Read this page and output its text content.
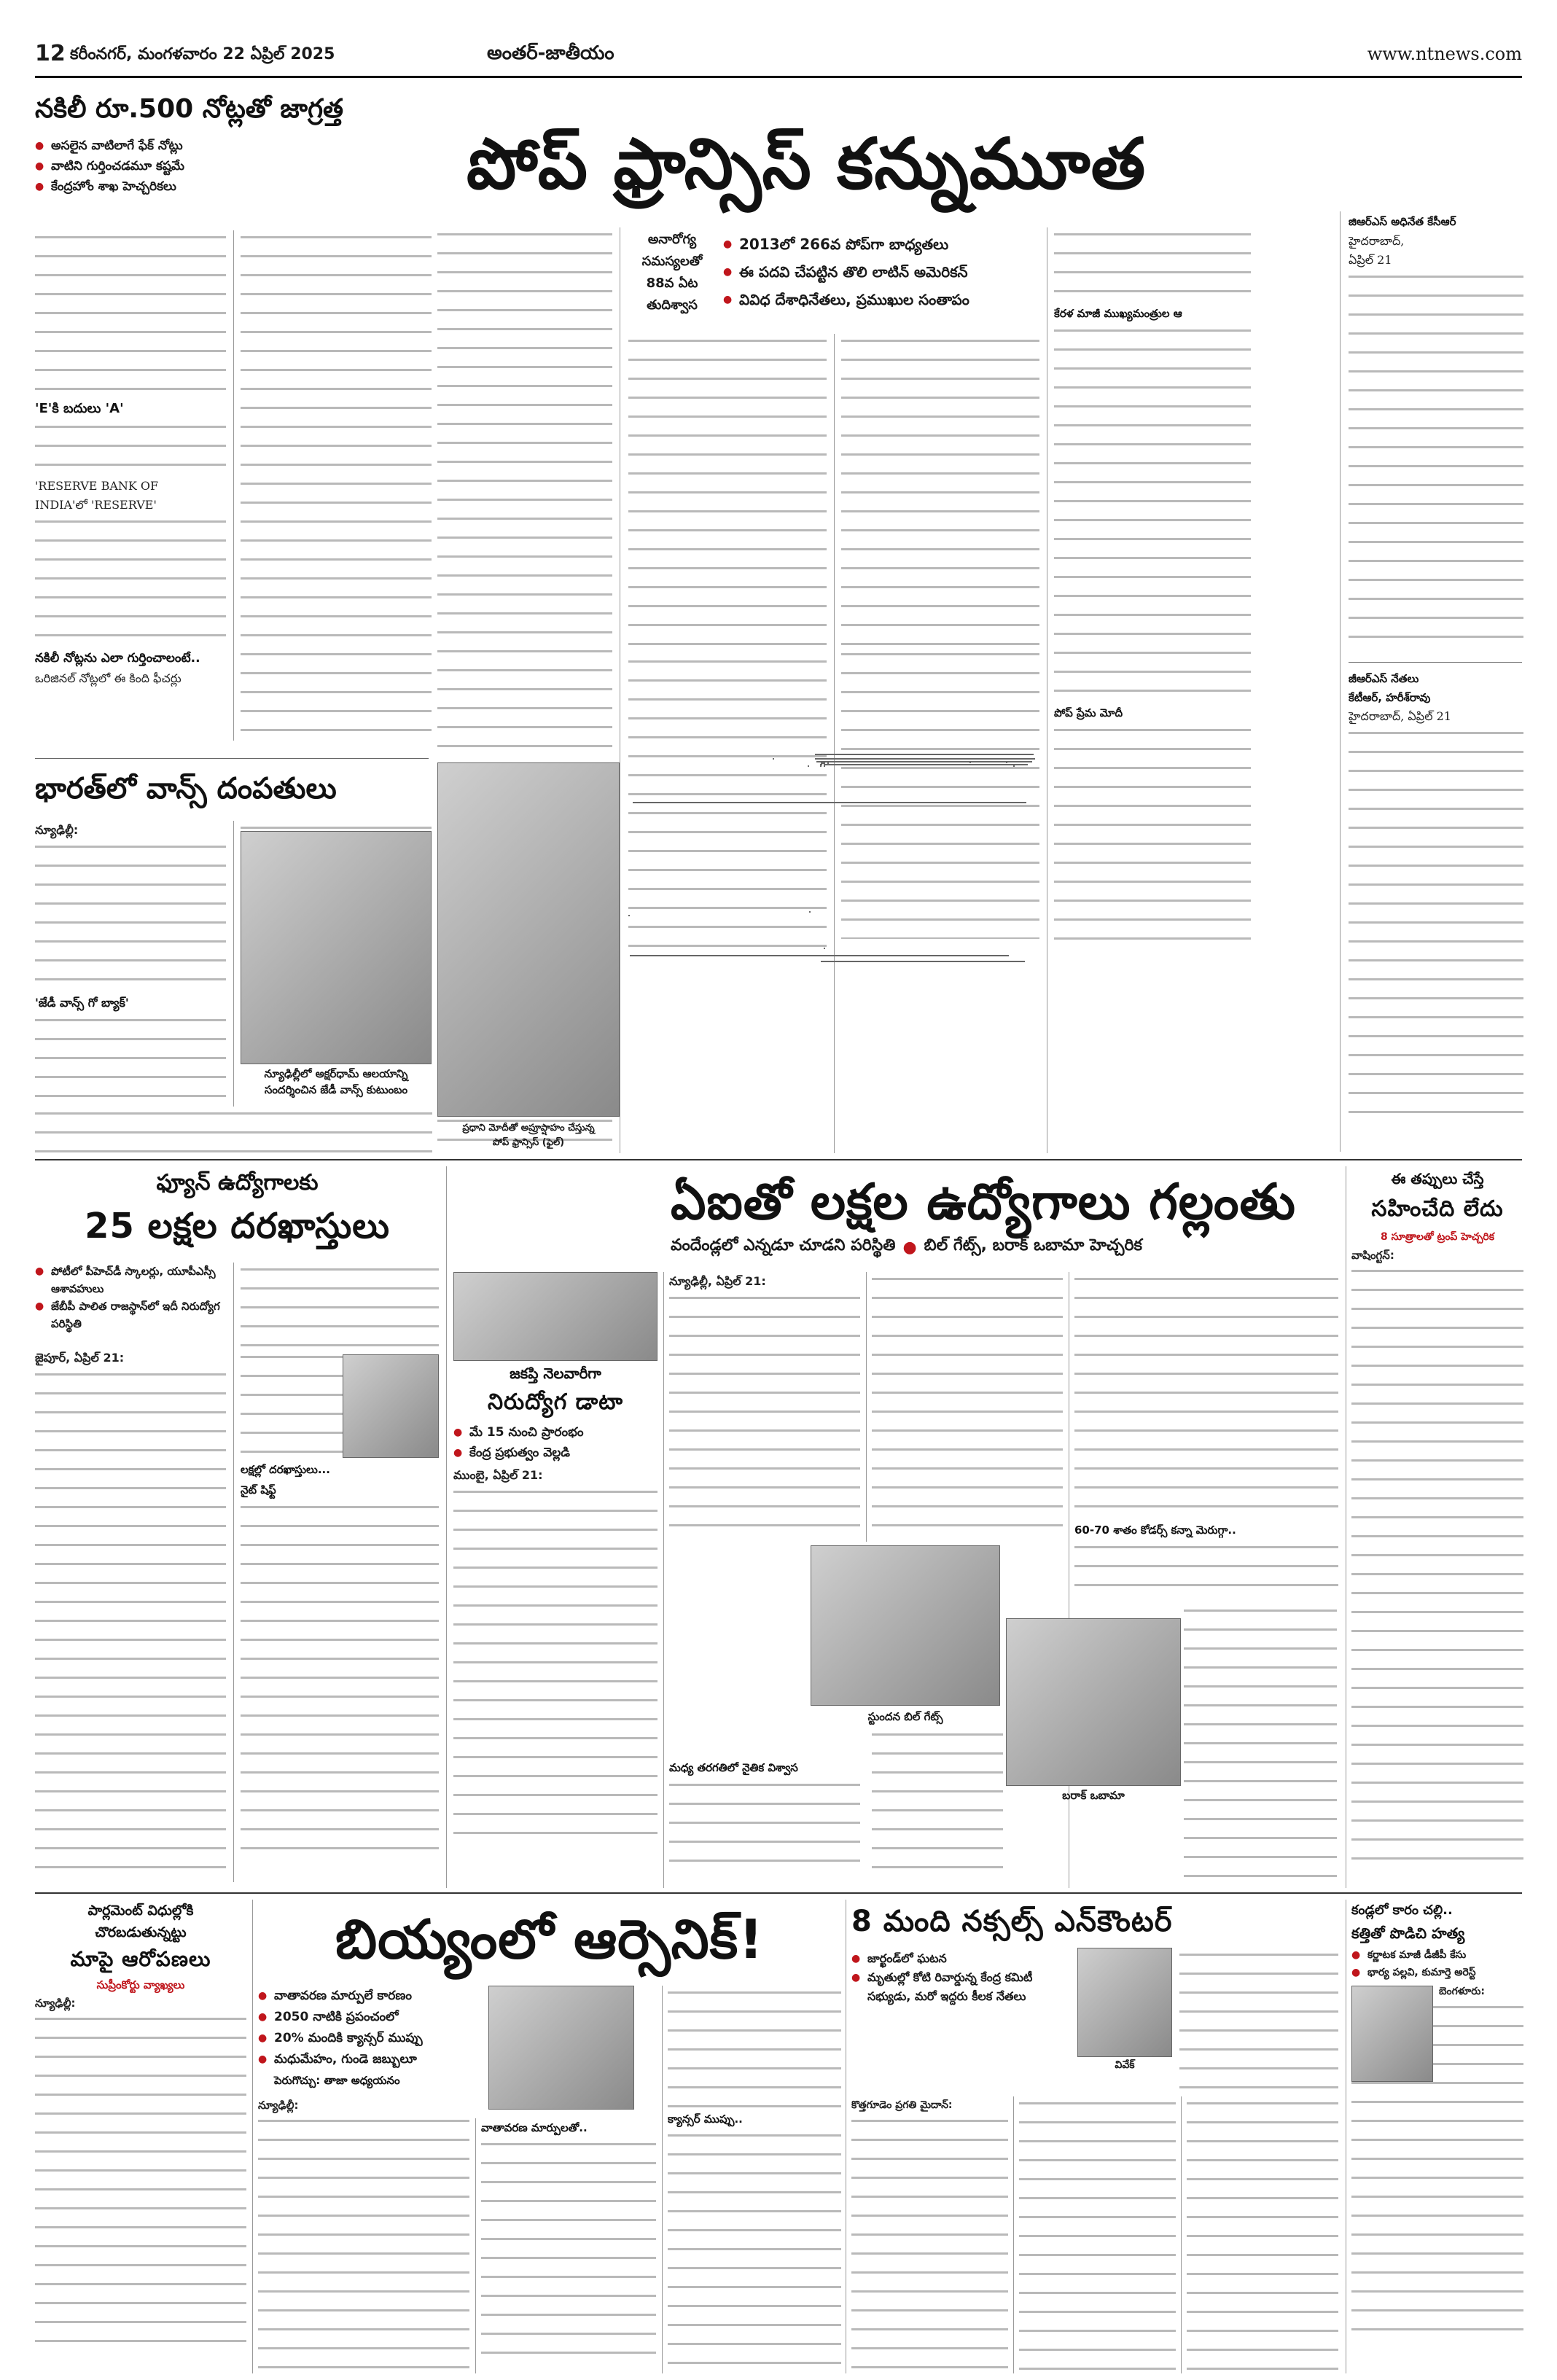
12 కరీంనగర్, మంగళవారం 22 ఏప్రిల్ 2025	అంతర్-జాతీయం	www.ntnews.com
నకిలీ రూ.500 నోట్లతో జాగ్రత్త
● అసలైన వాటిలాగే ఫేక్ నోట్లు
● వాటిని గుర్తించడమూ కష్టమే
● కేంద్రహోం శాఖ హెచ్చరికలు
'E'కి బదులు 'A'
'RESERVE BANK OF
INDIA'లో 'RESERVE'
నకిలీ నోట్లను ఎలా గుర్తించాలంటే..
ఒరిజినల్ నోట్లలో ఈ కింది ఫీచర్లు
పోప్ ఫ్రాన్సిస్ కన్నుమూత
అనారోగ్య
సమస్యలతో
88వ ఏట
తుదిశ్వాస
● 2013లో 266వ పోప్‌గా బాధ్యతలు
● ఈ పదవి చేపట్టిన తొలి లాటిన్ అమెరికన్
● వివిధ దేశాధినేతలు, ప్రముఖుల సంతాపం
కేరళ మాజీ ముఖ్యమంత్రుల ఆ
పోప్ ప్రేమ మోదీ
జిఆర్ఎస్ అధినేత కేసీఆర్
హైదరాబాద్,
ఏప్రిల్ 21
జీఆర్ఎస్ నేతలు
కేటీఆర్, హరీశ్‌రావు
హైదరాబాద్, ఏప్రిల్ 21
భారత్‌లో వాన్స్ దంపతులు
న్యూఢిల్లీ:
'జేడీ వాన్స్ గో బ్యాక్'
న్యూఢిల్లీలో అక్షర్‌ధామ్ ఆలయాన్ని
సందర్శించిన జేడీ వాన్స్ కుటుంబం
ఫ్యూన్ ఉద్యోగాలకు
25 లక్షల దరఖాస్తులు
● పోటీలో పీహెచ్‌డీ స్కాలర్లు, యూపీఎస్సీ ఆశావహులు
● జేబీపీ పాలిత రాజస్థాన్‌లో ఇదీ నిరుద్యోగ పరిస్థితి
జైపూర్, ఏప్రిల్ 21:
లక్షల్లో దరఖాస్తులు... నైట్ షిఫ్ట్
ఏఐతో లక్షల ఉద్యోగాలు గల్లంతు
వందేండ్లలో ఎన్నడూ చూడని పరిస్థితి ● బిల్ గేట్స్, బరాక్ ఒబామా హెచ్చరిక
జకప్తి నెలవారీగా
నిరుద్యోగ డాటా
● మే 15 నుంచి ప్రారంభం
● కేంద్ర ప్రభుత్వం వెల్లడి
ముంబై, ఏప్రిల్ 21:
న్యూఢిల్లీ, ఏప్రిల్ 21:
మధ్య తరగతిలో నైతిక విశ్వాస
స్టుందన బిల్ గేట్స్
60-70 శాతం కోడర్స్ కన్నా మెరుగ్గా..
బరాక్ ఒబామా
ఈ తప్పులు చేస్తే
సహించేది లేదు
8 సూత్రాలతో ట్రంప్ హెచ్చరిక
వాషింగ్టన్:
పార్లమెంట్ విధుల్లోకి
చొరబడుతున్నట్టు
మాపై ఆరోపణలు
సుప్రీంకోర్టు వ్యాఖ్యలు
న్యూఢిల్లీ:
బియ్యంలో ఆర్సెనిక్!
● వాతావరణ మార్పులే కారణం
● 2050 నాటికి ప్రపంచంలో
● 20% మందికి క్యాన్సర్ ముప్పు
● మధుమేహం, గుండె జబ్బులూ
పెరుగొచ్చు: తాజా అధ్యయనం
న్యూఢిల్లీ:
వాతావరణ మార్పులతో..
క్యాన్సర్ ముప్పు..
8 మంది నక్సల్స్ ఎన్‌కౌంటర్
● జార్ఖండ్‌లో ఘటన
● మృతుల్లో కోటి రివార్డున్న కేంద్ర కమిటీ సభ్యుడు, మరో ఇద్దరు కీలక నేతలు
వివేక్
కొత్తగూడెం ప్రగతి మైదాన్:
కండ్లలో కారం చల్లి..
కత్తితో పొడిచి హత్య
● కర్ణాటక మాజీ డీజీపీ కేసు
● భార్య పల్లవి, కుమార్తె అరెస్ట్
బెంగళూరు:
ప్రధాని మోదీతో అప్రూప్షాహం చేస్తున్న
పోప్ ఫ్రాన్సిస్ (ఫైల్)
